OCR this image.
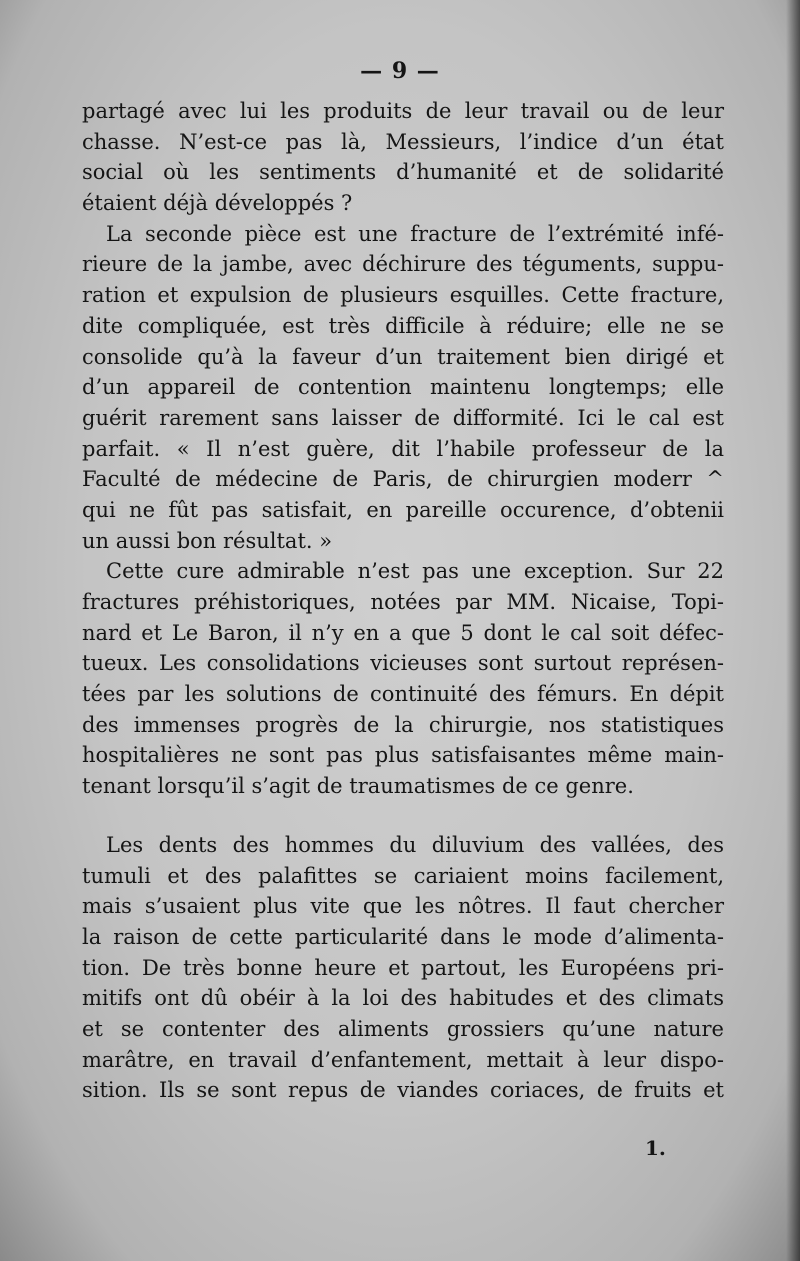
— 9 —
partagé avec lui les produits de leur travail ou de leur
chasse. N’est-ce pas là, Messieurs, l’indice d’un état
social où les sentiments d’humanité et de solidarité
étaient déjà développés ?
La seconde pièce est une fracture de l’extrémité infé-
rieure de la jambe, avec déchirure des téguments, suppu-
ration et expulsion de plusieurs esquilles. Cette fracture,
dite compliquée, est très difficile à réduire; elle ne se
consolide qu’à la faveur d’un traitement bien dirigé et
d’un appareil de contention maintenu longtemps; elle
guérit rarement sans laisser de difformité. Ici le cal est
parfait. « Il n’est guère, dit l’habile professeur de la
Faculté de médecine de Paris, de chirurgien moderr ^
qui ne fût pas satisfait, en pareille occurence, d’obtenii
un aussi bon résultat. »
Cette cure admirable n’est pas une exception. Sur 22
fractures préhistoriques, notées par MM. Nicaise, Topi-
nard et Le Baron, il n’y en a que 5 dont le cal soit défec-
tueux. Les consolidations vicieuses sont surtout représen-
tées par les solutions de continuité des fémurs. En dépit
des immenses progrès de la chirurgie, nos statistiques
hospitalières ne sont pas plus satisfaisantes même main-
tenant lorsqu’il s’agit de traumatismes de ce genre.
Les dents des hommes du diluvium des vallées, des
tumuli et des palafittes se cariaient moins facilement,
mais s’usaient plus vite que les nôtres. Il faut chercher
la raison de cette particularité dans le mode d’alimenta-
tion. De très bonne heure et partout, les Européens pri-
mitifs ont dû obéir à la loi des habitudes et des climats
et se contenter des aliments grossiers qu’une nature
marâtre, en travail d’enfantement, mettait à leur dispo-
sition. Ils se sont repus de viandes coriaces, de fruits et
1.
